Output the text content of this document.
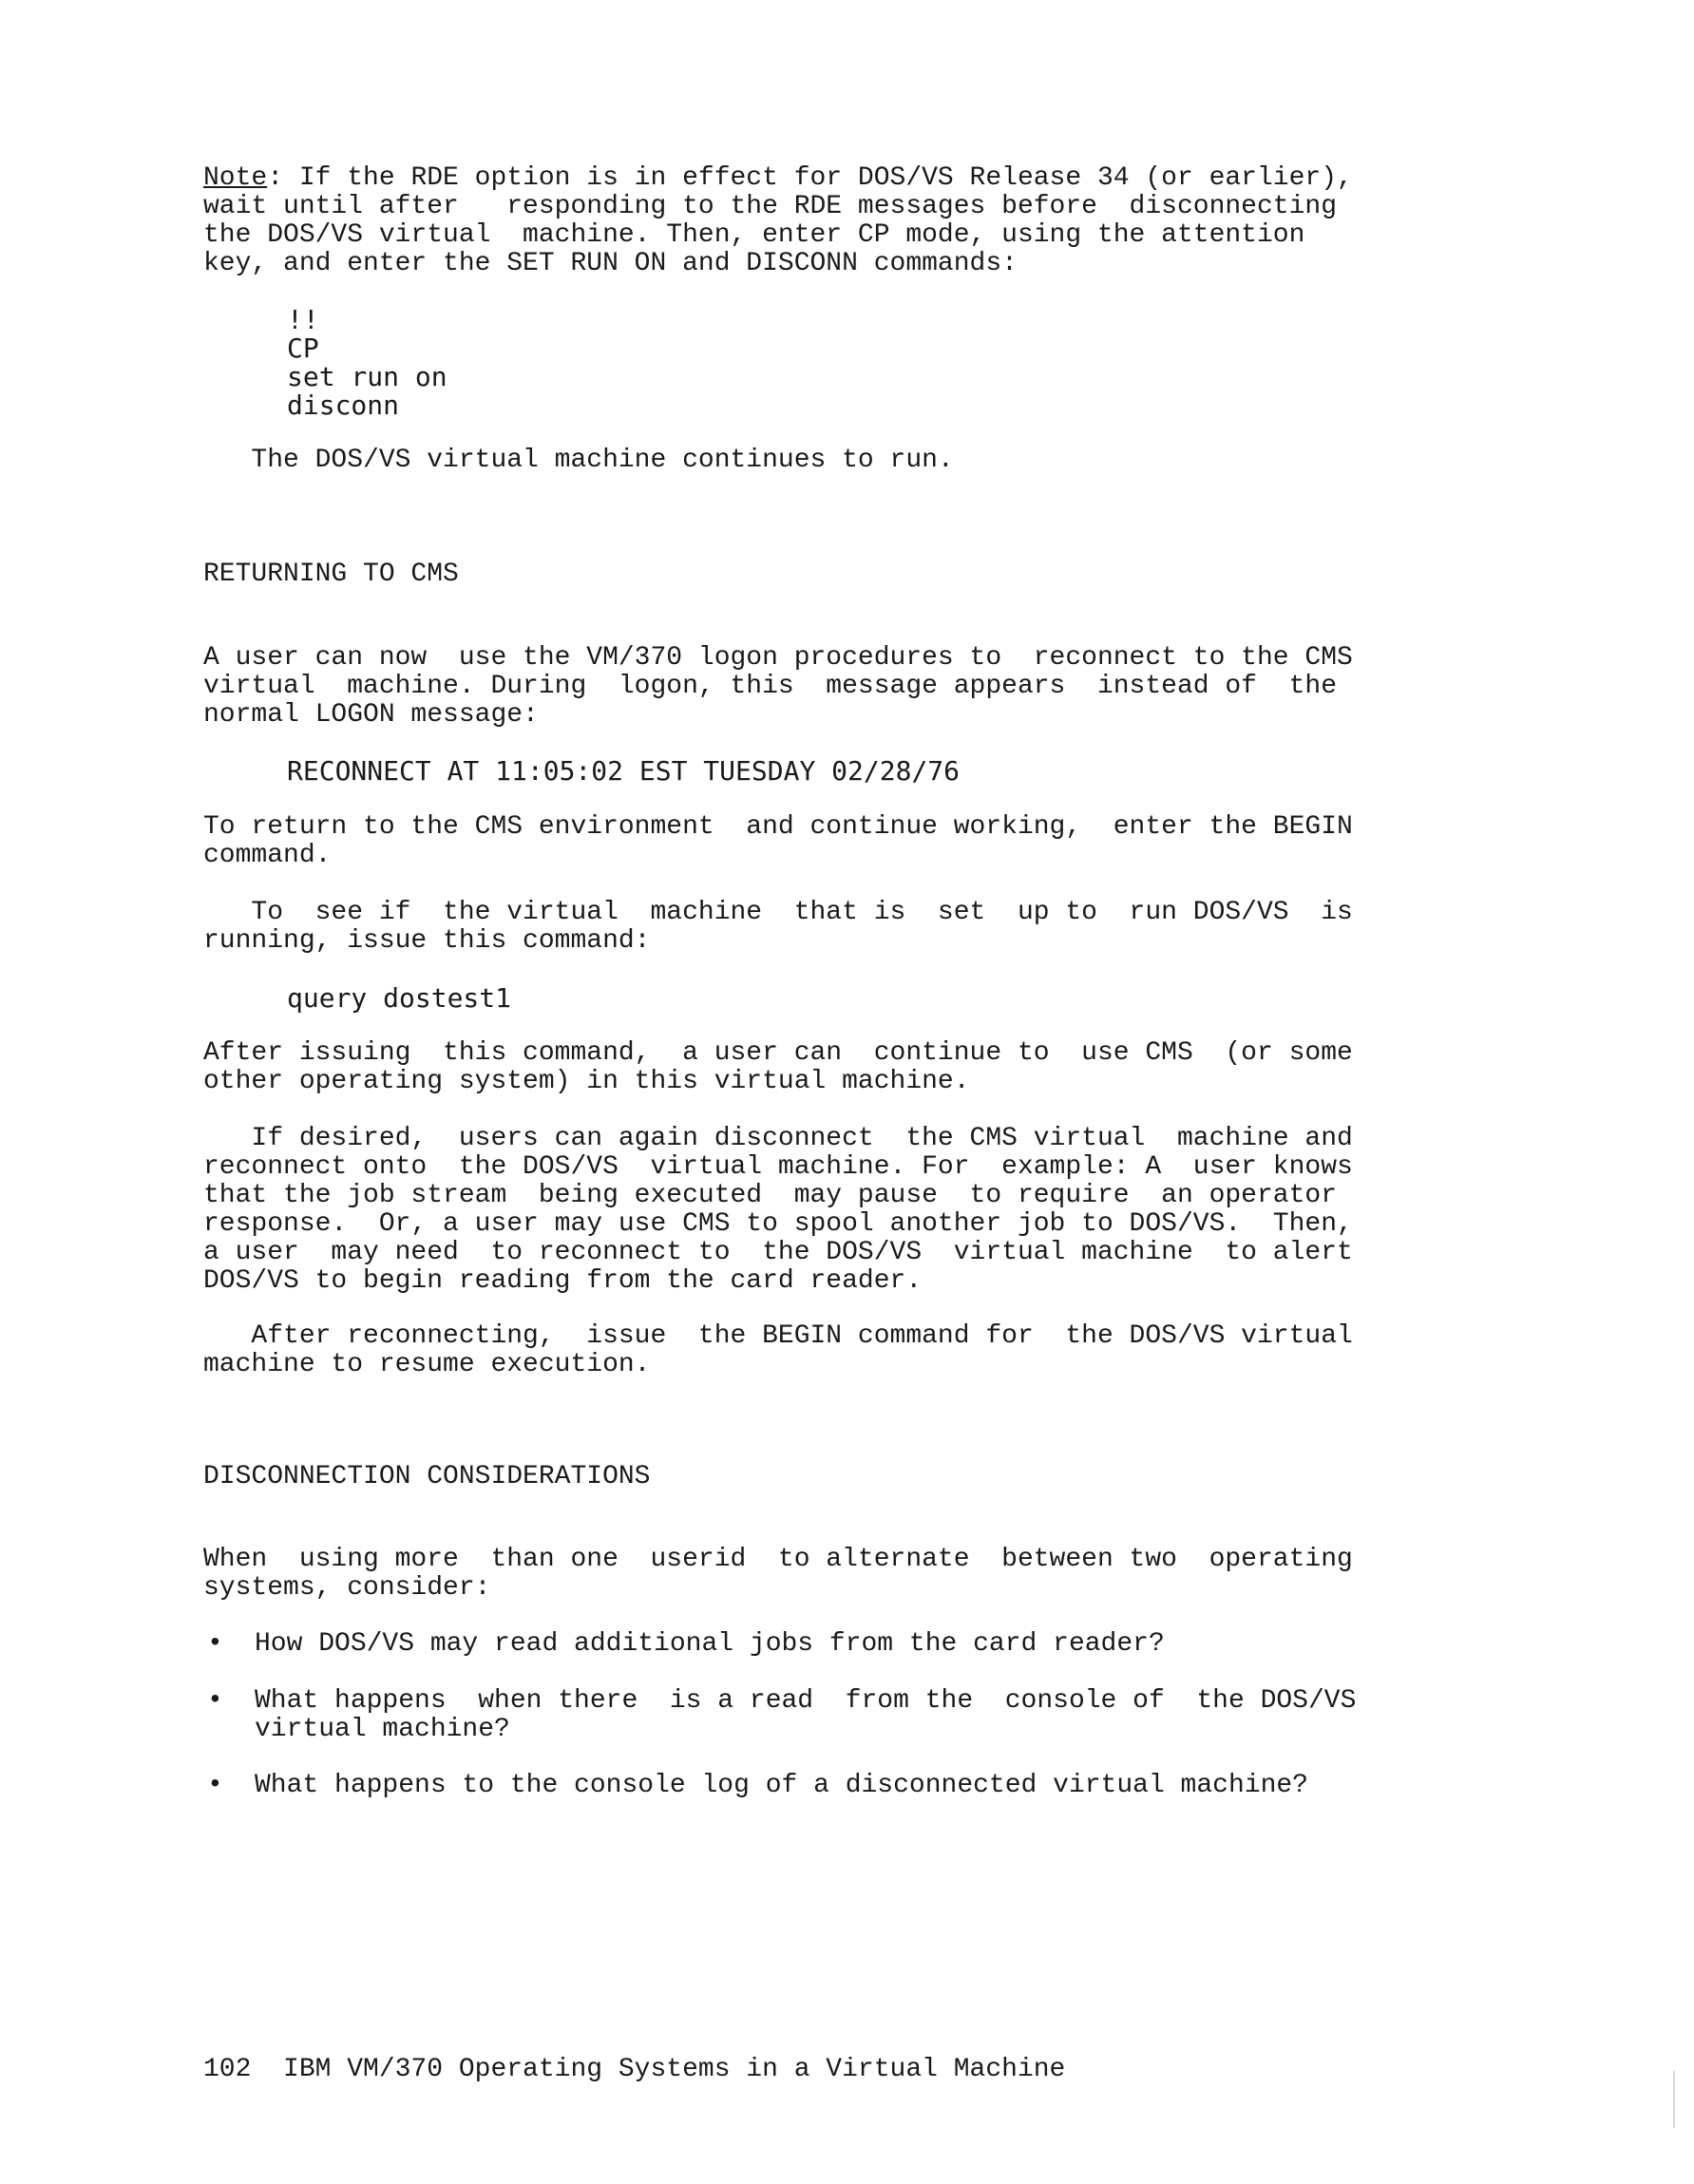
Note: If the RDE option is in effect for DOS/VS Release 34 (or earlier),
wait until after   responding to the RDE messages before  disconnecting
the DOS/VS virtual  machine. Then, enter CP mode, using the attention
key, and enter the SET RUN ON and DISCONN commands:

!!
CP
set run on
disconn

The DOS/VS virtual machine continues to run.

RETURNING TO CMS

A user can now  use the VM/370 logon procedures to  reconnect to the CMS
virtual  machine. During  logon, this  message appears  instead of  the
normal LOGON message:

RECONNECT AT 11:05:02 EST TUESDAY 02/28/76

To return to the CMS environment  and continue working,  enter the BEGIN
command.

To  see if  the virtual  machine  that is  set  up to  run DOS/VS  is
running, issue this command:

query dostest1

After issuing  this command,  a user can  continue to  use CMS  (or some
other operating system) in this virtual machine.

If desired,  users can again disconnect  the CMS virtual  machine and
reconnect onto  the DOS/VS  virtual machine. For  example: A  user knows
that the job stream  being executed  may pause  to require  an operator
response.  Or, a user may use CMS to spool another job to DOS/VS.  Then,
a user  may need  to reconnect to  the DOS/VS  virtual machine  to alert
DOS/VS to begin reading from the card reader.

After reconnecting,  issue  the BEGIN command for  the DOS/VS virtual
machine to resume execution.

DISCONNECTION CONSIDERATIONS

When  using more  than one  userid  to alternate  between two  operating
systems, consider:

• How DOS/VS may read additional jobs from the card reader?
• What happens  when there  is a read  from the  console of  the DOS/VS
virtual machine?
• What happens to the console log of a disconnected virtual machine?
102  IBM VM/370 Operating Systems in a Virtual Machine
